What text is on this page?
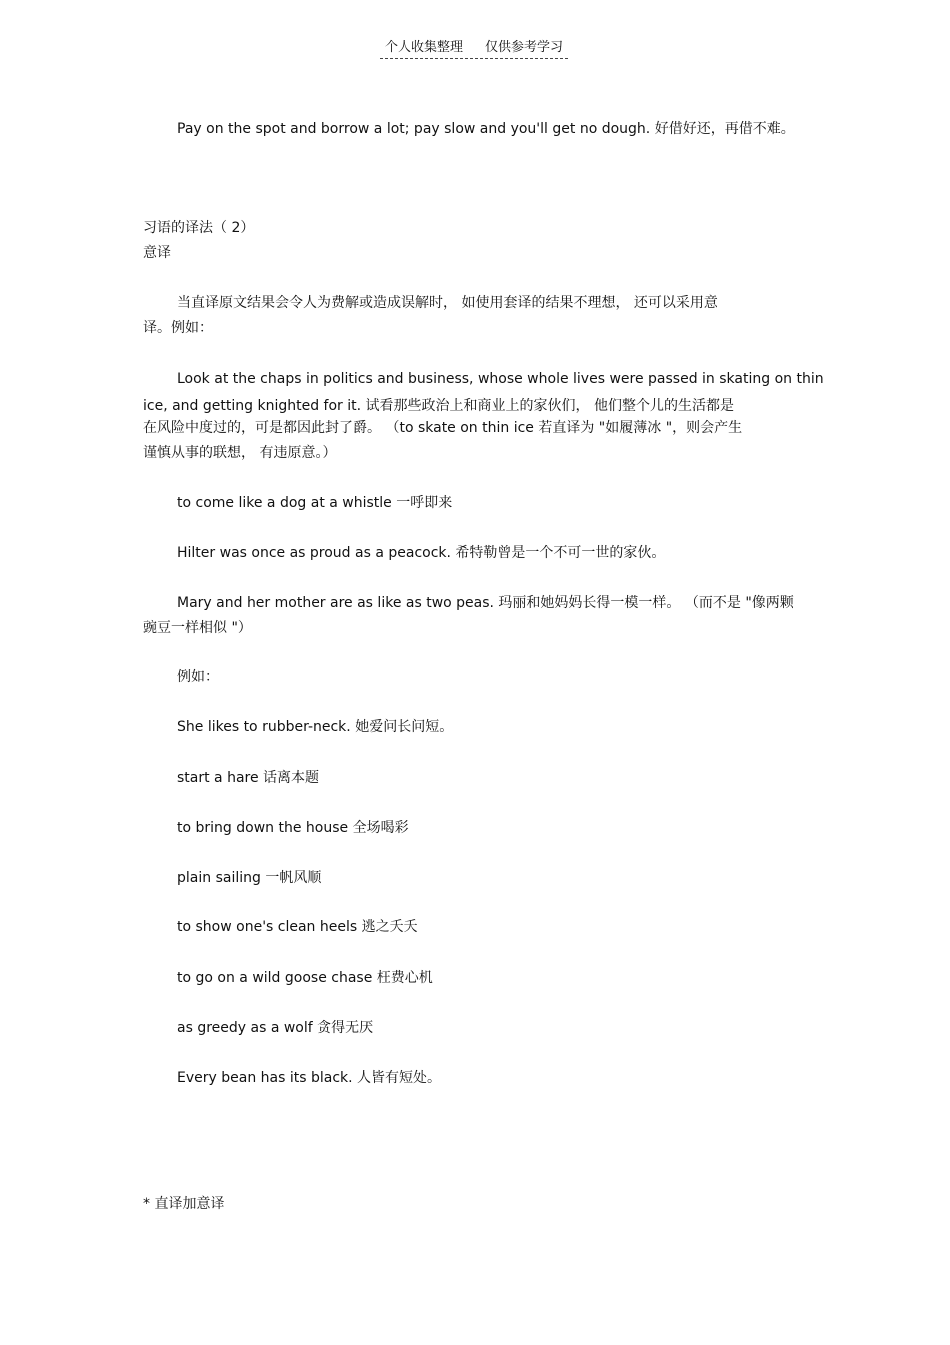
个人收集整理 仅供参考学习
Pay on the spot and borrow a lot; pay slow and you'll get no dough. 好借好还，再借不难。
习语的译法（ 2）
意译
当直译原文结果会令人为费解或造成误解时， 如使用套译的结果不理想， 还可以采用意
译。例如：
Look at the chaps in politics and business, whose whole lives were passed in skating on thin
ice, and getting knighted for it. 试看那些政治上和商业上的家伙们， 他们整个儿的生活都是
在风险中度过的，可是都因此封了爵。 （to skate on thin ice 若直译为 "如履薄冰 "，则会产生
谨慎从事的联想， 有违原意。）
to come like a dog at a whistle 一呼即来
Hilter was once as proud as a peacock. 希特勒曾是一个不可一世的家伙。
Mary and her mother are as like as two peas. 玛丽和她妈妈长得一模一样。 （而不是 "像两颗
豌豆一样相似 "）
例如：
She likes to rubber-neck. 她爱问长问短。
start a hare 话离本题
to bring down the house 全场喝彩
plain sailing 一帆风顺
to show one's clean heels 逃之夭夭
to go on a wild goose chase 枉费心机
as greedy as a wolf 贪得无厌
Every bean has its black. 人皆有短处。
* 直译加意译
